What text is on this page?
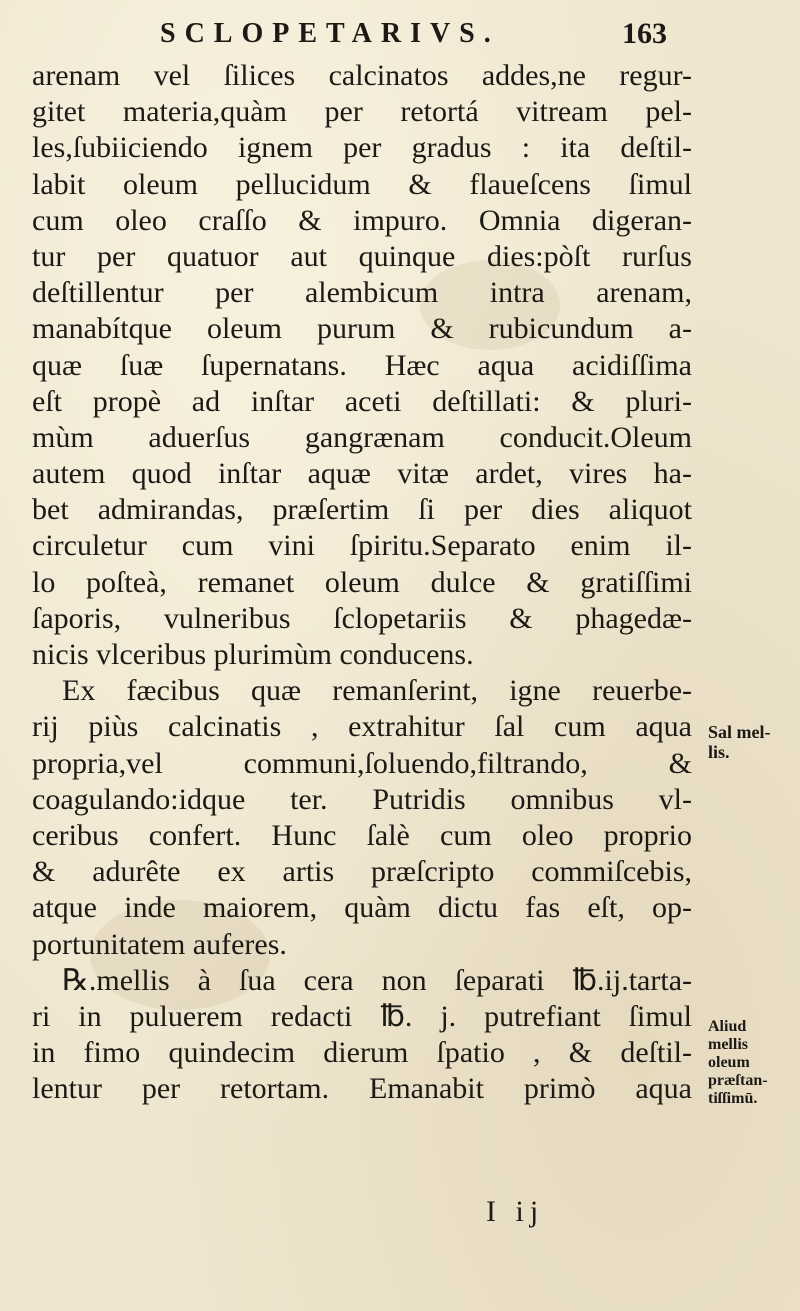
SCLOPETARIVS.	163
arenam vel ſilices calcinatos addes,ne regur-
gitet materia,quàm per retortá vitream pel-
les,ſubiiciendo ignem per gradus : ita deſtil-
labit oleum pellucidum & flaueſcens ſimul
cum oleo craſſo & impuro. Omnia digeran-
tur per quatuor aut quinque dies:pòſt rurſus
deſtillentur per alembicum intra arenam,
manabítque oleum purum & rubicundum a-
quæ ſuæ ſupernatans. Hæc aqua acidiſſima
eſt propè ad inſtar aceti deſtillati: & pluri-
mùm aduerſus gangrænam conducit.Oleum
autem quod inſtar aquæ vitæ ardet, vires ha-
bet admirandas, præſertim ſi per dies aliquot
circuletur cum vini ſpiritu.Separato enim il-
lo poſteà, remanet oleum dulce & gratiſſimi
ſaporis, vulneribus ſclopetariis & phagedæ-
nicis vlceribus plurimùm conducens.
Ex fæcibus quæ remanſerint, igne reuerbe-
rij piùs calcinatis , extrahitur ſal cum aqua
propria,vel communi,ſoluendo,filtrando, &
coagulando:idque ter. Putridis omnibus vl-
ceribus confert. Hunc ſalè cum oleo proprio
& adurête ex artis præſcripto commiſcebis,
atque inde maiorem, quàm dictu fas eſt, op-
portunitatem auferes.
℞.mellis à ſua cera non ſeparati ℔.ij.tarta-
ri in puluerem redacti ℔. j. putrefiant ſimul
in fimo quindecim dierum ſpatio , & deſtil-
lentur per retortam. Emanabit primò aqua
Sal mel-
lis.
Aliud
mellis
oleum
præſtan-
tiſſimū.
I ij
